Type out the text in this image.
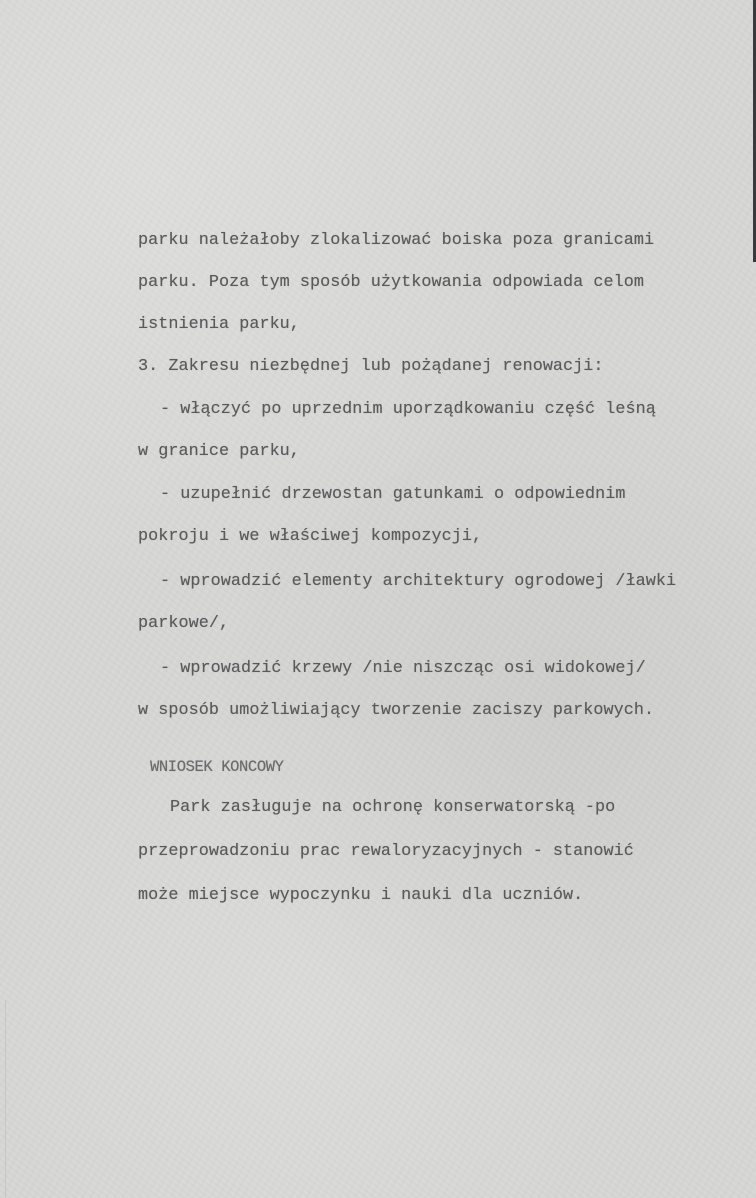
parku należałoby zlokalizować boiska poza granicami
parku. Poza tym sposób użytkowania odpowiada celom
istnienia parku,
3. Zakresu niezbędnej lub pożądanej renowacji:
- włączyć po uprzednim uporządkowaniu część leśną
w granice parku,
- uzupełnić drzewostan gatunkami o odpowiednim
pokroju i we właściwej kompozycji,
- wprowadzić elementy architektury ogrodowej /ławki
parkowe/,
- wprowadzić krzewy /nie niszcząc osi widokowej/
w sposób umożliwiający tworzenie zaciszy parkowych.
WNIOSEK KONCOWY
Park zasługuje na ochronę konserwatorską -po
przeprowadzoniu prac rewaloryzacyjnych - stanowić
może miejsce wypoczynku i nauki dla uczniów.
